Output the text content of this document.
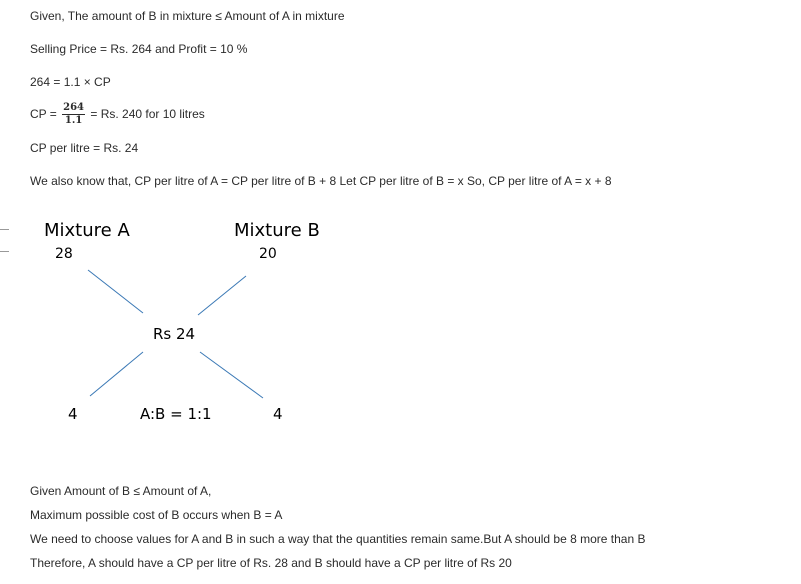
Given, The amount of B in mixture ≤ Amount of A in mixture
Selling Price = Rs. 264 and Profit = 10 %
264 = 1.1 × CP
CP = $\frac{264}{1.1} = Rs$. 240 for 10 litres
CP per litre = Rs. 24
We also know that, CP per litre of A = CP per litre of B + 8 Let CP per litre of B = x So, CP per litre of A = x + 8
Mixture A	Mixture B
28	20
Rs 24
4	A:B = 1:1	4
Given Amount of B ≤ Amount of A,
Maximum possible cost of B occurs when B = A
We need to choose values for A and B in such a way that the quantities remain same.But A should be 8 more than B
Therefore, A should have a CP per litre of Rs. 28 and B should have a CP per litre of Rs 20
